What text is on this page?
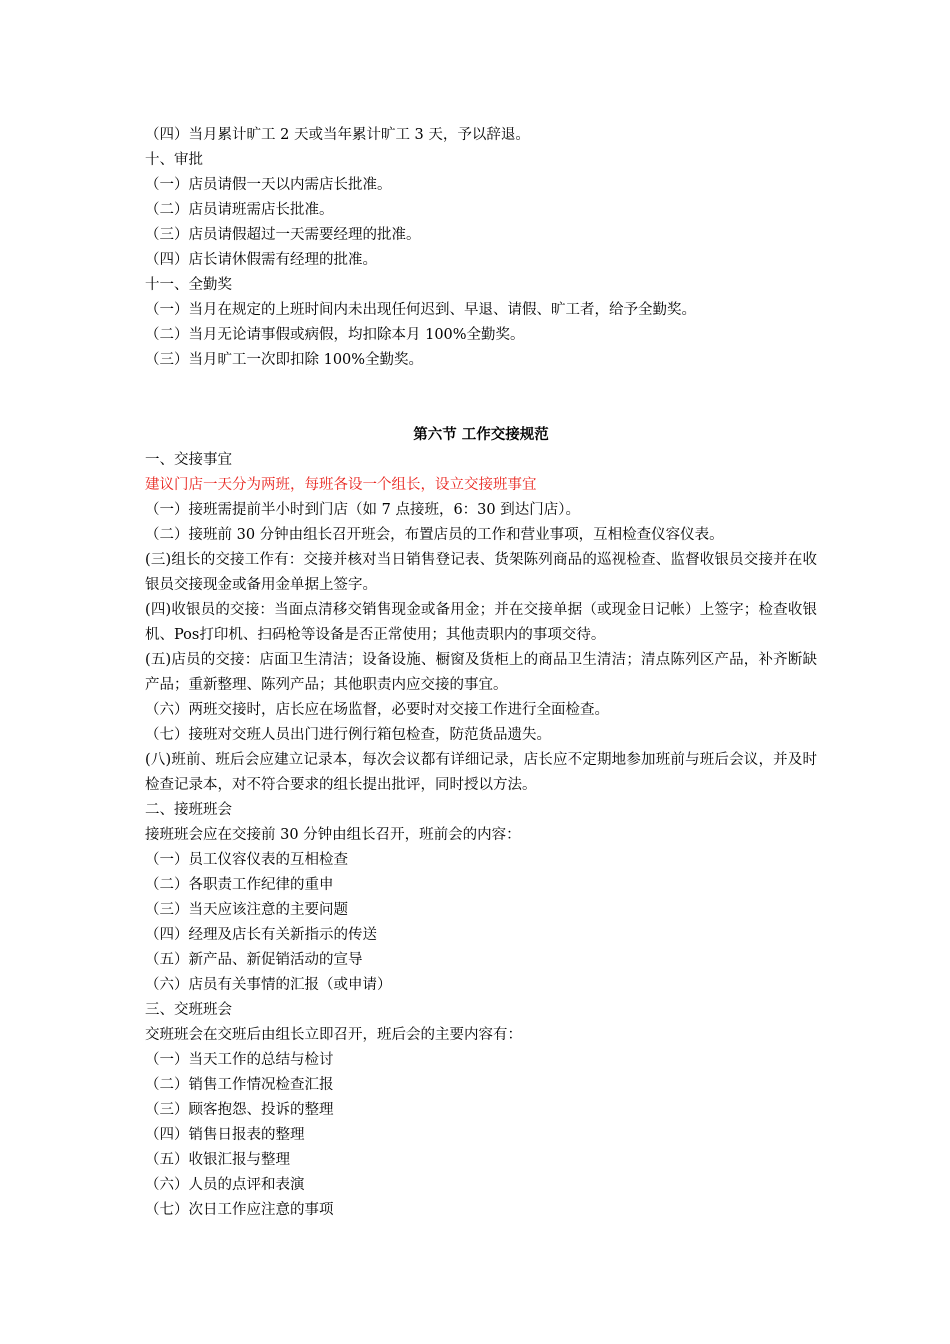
（四）当月累计旷工 2 天或当年累计旷工 3 天，予以辞退。
十、审批
（一）店员请假一天以内需店长批准。
（二）店员请班需店长批准。
（三）店员请假超过一天需要经理的批准。
（四）店长请休假需有经理的批准。
十一、全勤奖
（一）当月在规定的上班时间内未出现任何迟到、早退、请假、旷工者，给予全勤奖。
（二）当月无论请事假或病假，均扣除本月 100%全勤奖。
（三）当月旷工一次即扣除 100%全勤奖。
第六节 工作交接规范
一、交接事宜
建议门店一天分为两班，每班各设一个组长，设立交接班事宜
（一）接班需提前半小时到门店（如 7 点接班，6：30 到达门店）。
（二）接班前 30 分钟由组长召开班会，布置店员的工作和营业事项，互相检查仪容仪表。
(三)组长的交接工作有：交接并核对当日销售登记表、货架陈列商品的巡视检查、监督收银员交接并在收银员交接现金或备用金单据上签字。
(四)收银员的交接：当面点清移交销售现金或备用金；并在交接单据（或现金日记帐）上签字；检查收银机、Pos打印机、扫码枪等设备是否正常使用；其他责职内的事项交待。
(五)店员的交接：店面卫生清洁；设备设施、橱窗及货柜上的商品卫生清洁；清点陈列区产品，补齐断缺产品；重新整理、陈列产品；其他职责内应交接的事宜。
（六）两班交接时，店长应在场监督，必要时对交接工作进行全面检查。
（七）接班对交班人员出门进行例行箱包检查，防范货品遗失。
(八)班前、班后会应建立记录本，每次会议都有详细记录，店长应不定期地参加班前与班后会议，并及时检查记录本，对不符合要求的组长提出批评，同时授以方法。
二、接班班会
接班班会应在交接前 30 分钟由组长召开，班前会的内容：
（一）员工仪容仪表的互相检查
（二）各职责工作纪律的重申
（三）当天应该注意的主要问题
（四）经理及店长有关新指示的传送
（五）新产品、新促销活动的宣导
（六）店员有关事情的汇报（或申请）
三、交班班会
交班班会在交班后由组长立即召开，班后会的主要内容有：
（一）当天工作的总结与检讨
（二）销售工作情况检查汇报
（三）顾客抱怨、投诉的整理
（四）销售日报表的整理
（五）收银汇报与整理
（六）人员的点评和表演
（七）次日工作应注意的事项
